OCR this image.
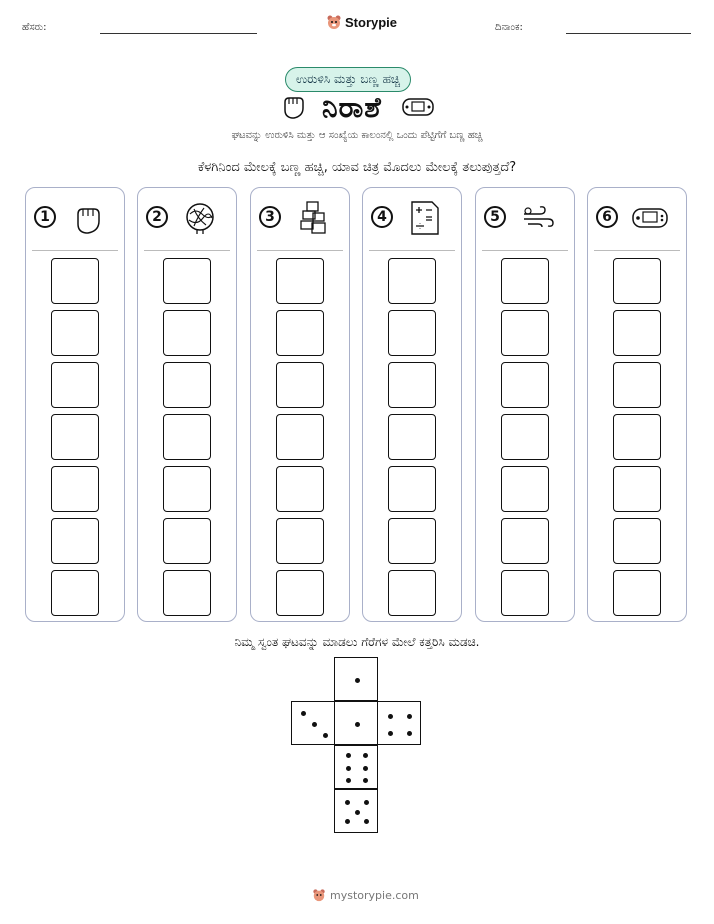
ಹೆಸರು:	Storypie	ದಿನಾಂಕ:
ಉರುಳಿಸಿ ಮತ್ತು ಬಣ್ಣ ಹಚ್ಚಿ
ನಿರಾಶೆ
ಘಟವನ್ನು ಉರುಳಿಸಿ ಮತ್ತು ಆ ಸಂಖ್ಯೆಯ ಕಾಲಂನಲ್ಲಿ ಒಂದು ಪೆಟ್ಟಿಗೆಗೆ ಬಣ್ಣ ಹಚ್ಚಿ
ಕೆಳಗಿನಿಂದ ಮೇಲಕ್ಕೆ ಬಣ್ಣ ಹಚ್ಚಿ, ಯಾವ ಚಿತ್ರ ಮೊದಲು ಮೇಲಕ್ಕೆ ತಲುಪುತ್ತದೆ?
1	2	3	4	5	6
ನಿಮ್ಮ ಸ್ವಂತ ಘಟವನ್ನು ಮಾಡಲು ಗೆರೆಗಳ ಮೇಲೆ ಕತ್ತರಿಸಿ ಮಡಚಿ.
mystorypie.com
